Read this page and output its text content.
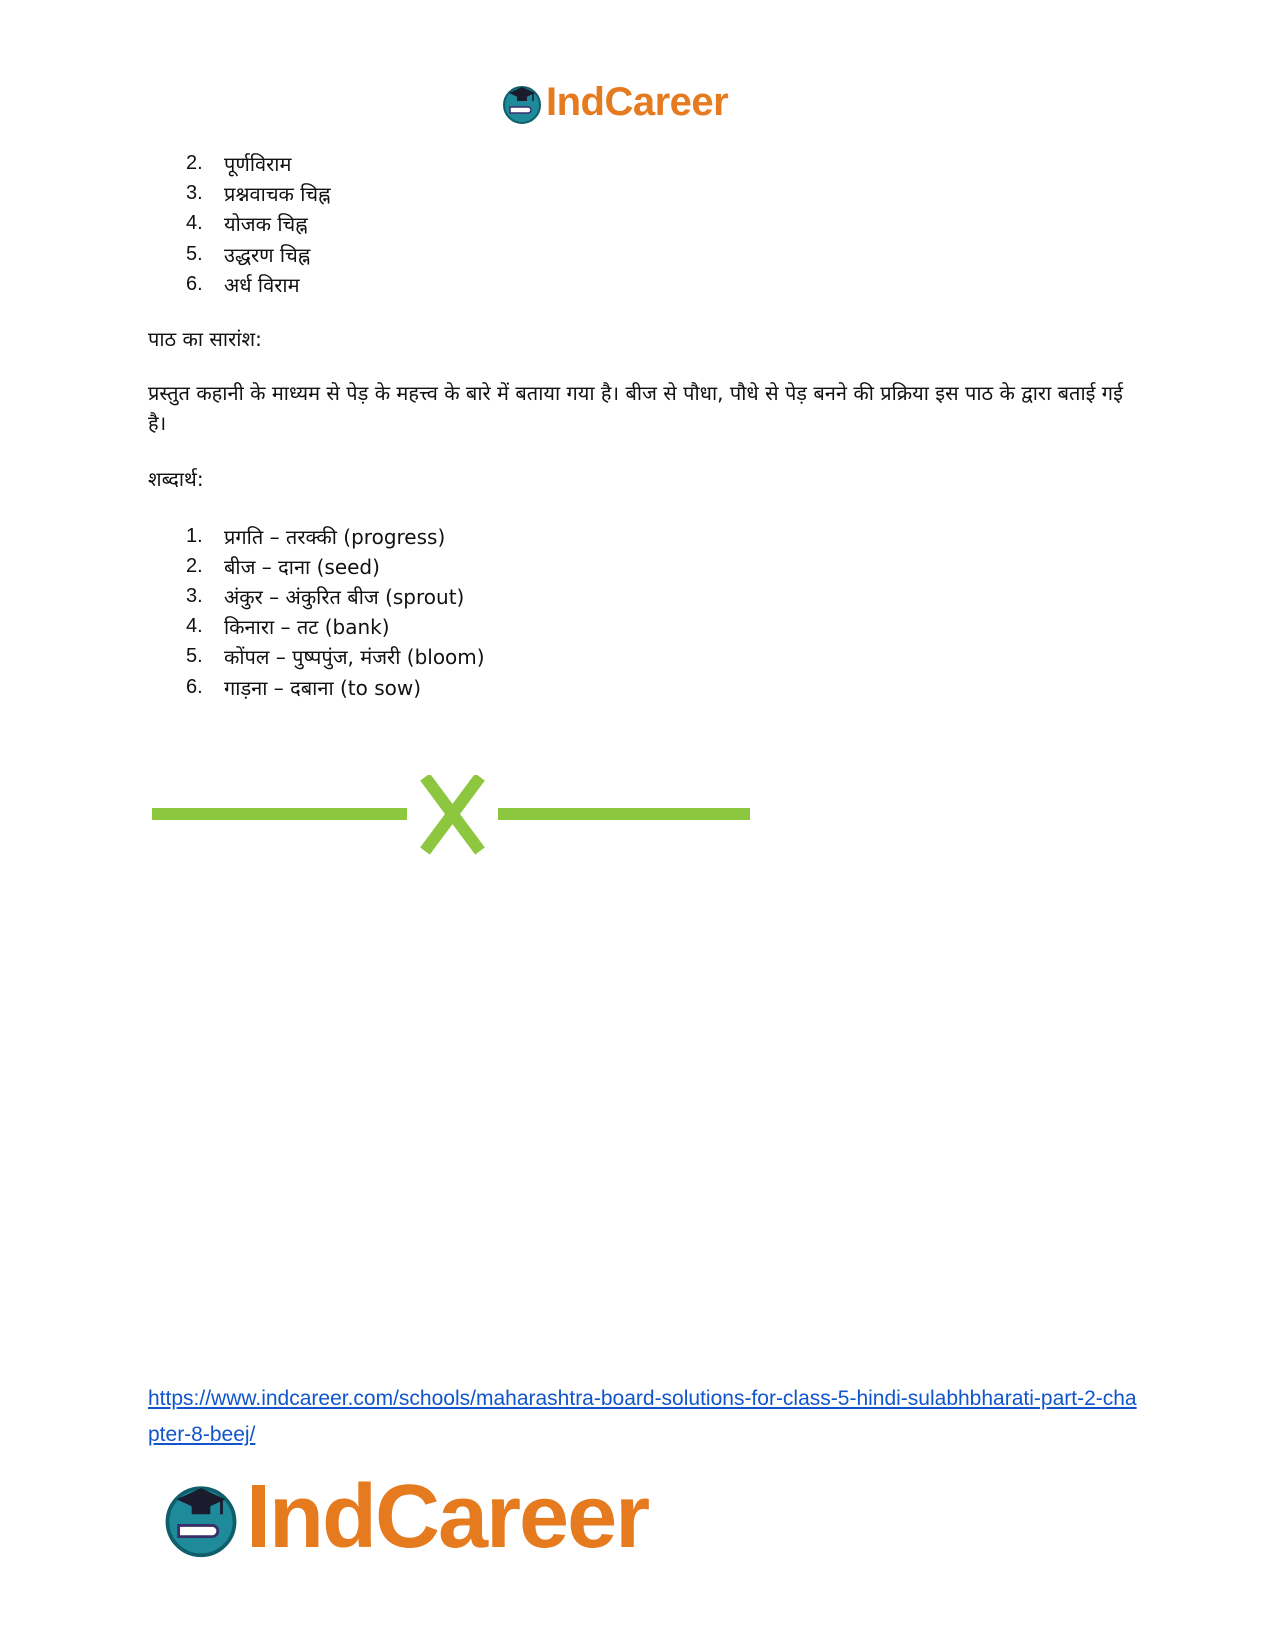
IndCareer
2.	पूर्णविराम
3.	प्रश्नवाचक चिह्न
4.	योजक चिह्न
5.	उद्धरण चिह्न
6.	अर्ध विराम
पाठ का सारांश:
प्रस्तुत कहानी के माध्यम से पेड़ के महत्त्व के बारे में बताया गया है। बीज से पौधा, पौधे से पेड़ बनने की प्रक्रिया इस पाठ के द्वारा बताई गई है।
शब्दार्थ:
1.	प्रगति – तरक्की (progress)
2.	बीज – दाना (seed)
3.	अंकुर – अंकुरित बीज (sprout)
4.	किनारा – तट (bank)
5.	कोंपल – पुष्पपुंज, मंजरी (bloom)
6.	गाड़ना – दबाना (to sow)
https://www.indcareer.com/schools/maharashtra-board-solutions-for-class-5-hindi-sulabhbharati-part-2-chapter-8-beej/
IndCareer
